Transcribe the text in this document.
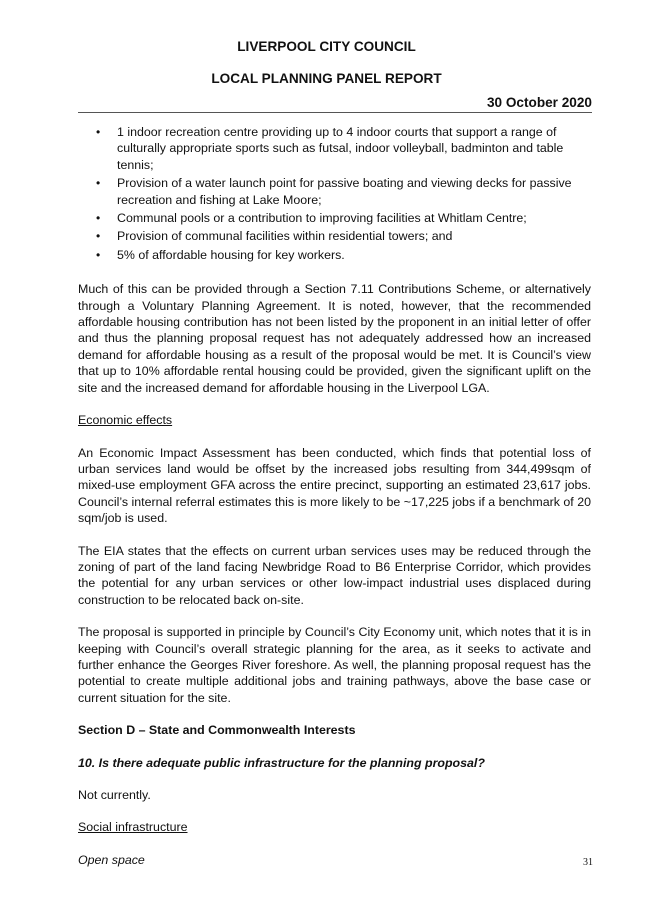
LIVERPOOL CITY COUNCIL

LOCAL PLANNING PANEL REPORT

30 October 2020

• 1 indoor recreation centre providing up to 4 indoor courts that support a range of culturally appropriate sports such as futsal, indoor volleyball, badminton and table tennis;
• Provision of a water launch point for passive boating and viewing decks for passive recreation and fishing at Lake Moore;
• Communal pools or a contribution to improving facilities at Whitlam Centre;
• Provision of communal facilities within residential towers; and
• 5% of affordable housing for key workers.

Much of this can be provided through a Section 7.11 Contributions Scheme, or alternatively through a Voluntary Planning Agreement. It is noted, however, that the recommended affordable housing contribution has not been listed by the proponent in an initial letter of offer and thus the planning proposal request has not adequately addressed how an increased demand for affordable housing as a result of the proposal would be met. It is Council’s view that up to 10% affordable rental housing could be provided, given the significant uplift on the site and the increased demand for affordable housing in the Liverpool LGA.

Economic effects

An Economic Impact Assessment has been conducted, which finds that potential loss of urban services land would be offset by the increased jobs resulting from 344,499sqm of mixed-use employment GFA across the entire precinct, supporting an estimated 23,617 jobs. Council’s internal referral estimates this is more likely to be ~17,225 jobs if a benchmark of 20 sqm/job is used.

The EIA states that the effects on current urban services uses may be reduced through the zoning of part of the land facing Newbridge Road to B6 Enterprise Corridor, which provides the potential for any urban services or other low-impact industrial uses displaced during construction to be relocated back on-site.

The proposal is supported in principle by Council’s City Economy unit, which notes that it is in keeping with Council’s overall strategic planning for the area, as it seeks to activate and further enhance the Georges River foreshore. As well, the planning proposal request has the potential to create multiple additional jobs and training pathways, above the base case or current situation for the site.

Section D – State and Commonwealth Interests

10. Is there adequate public infrastructure for the planning proposal?

Not currently.

Social infrastructure

Open space	31
